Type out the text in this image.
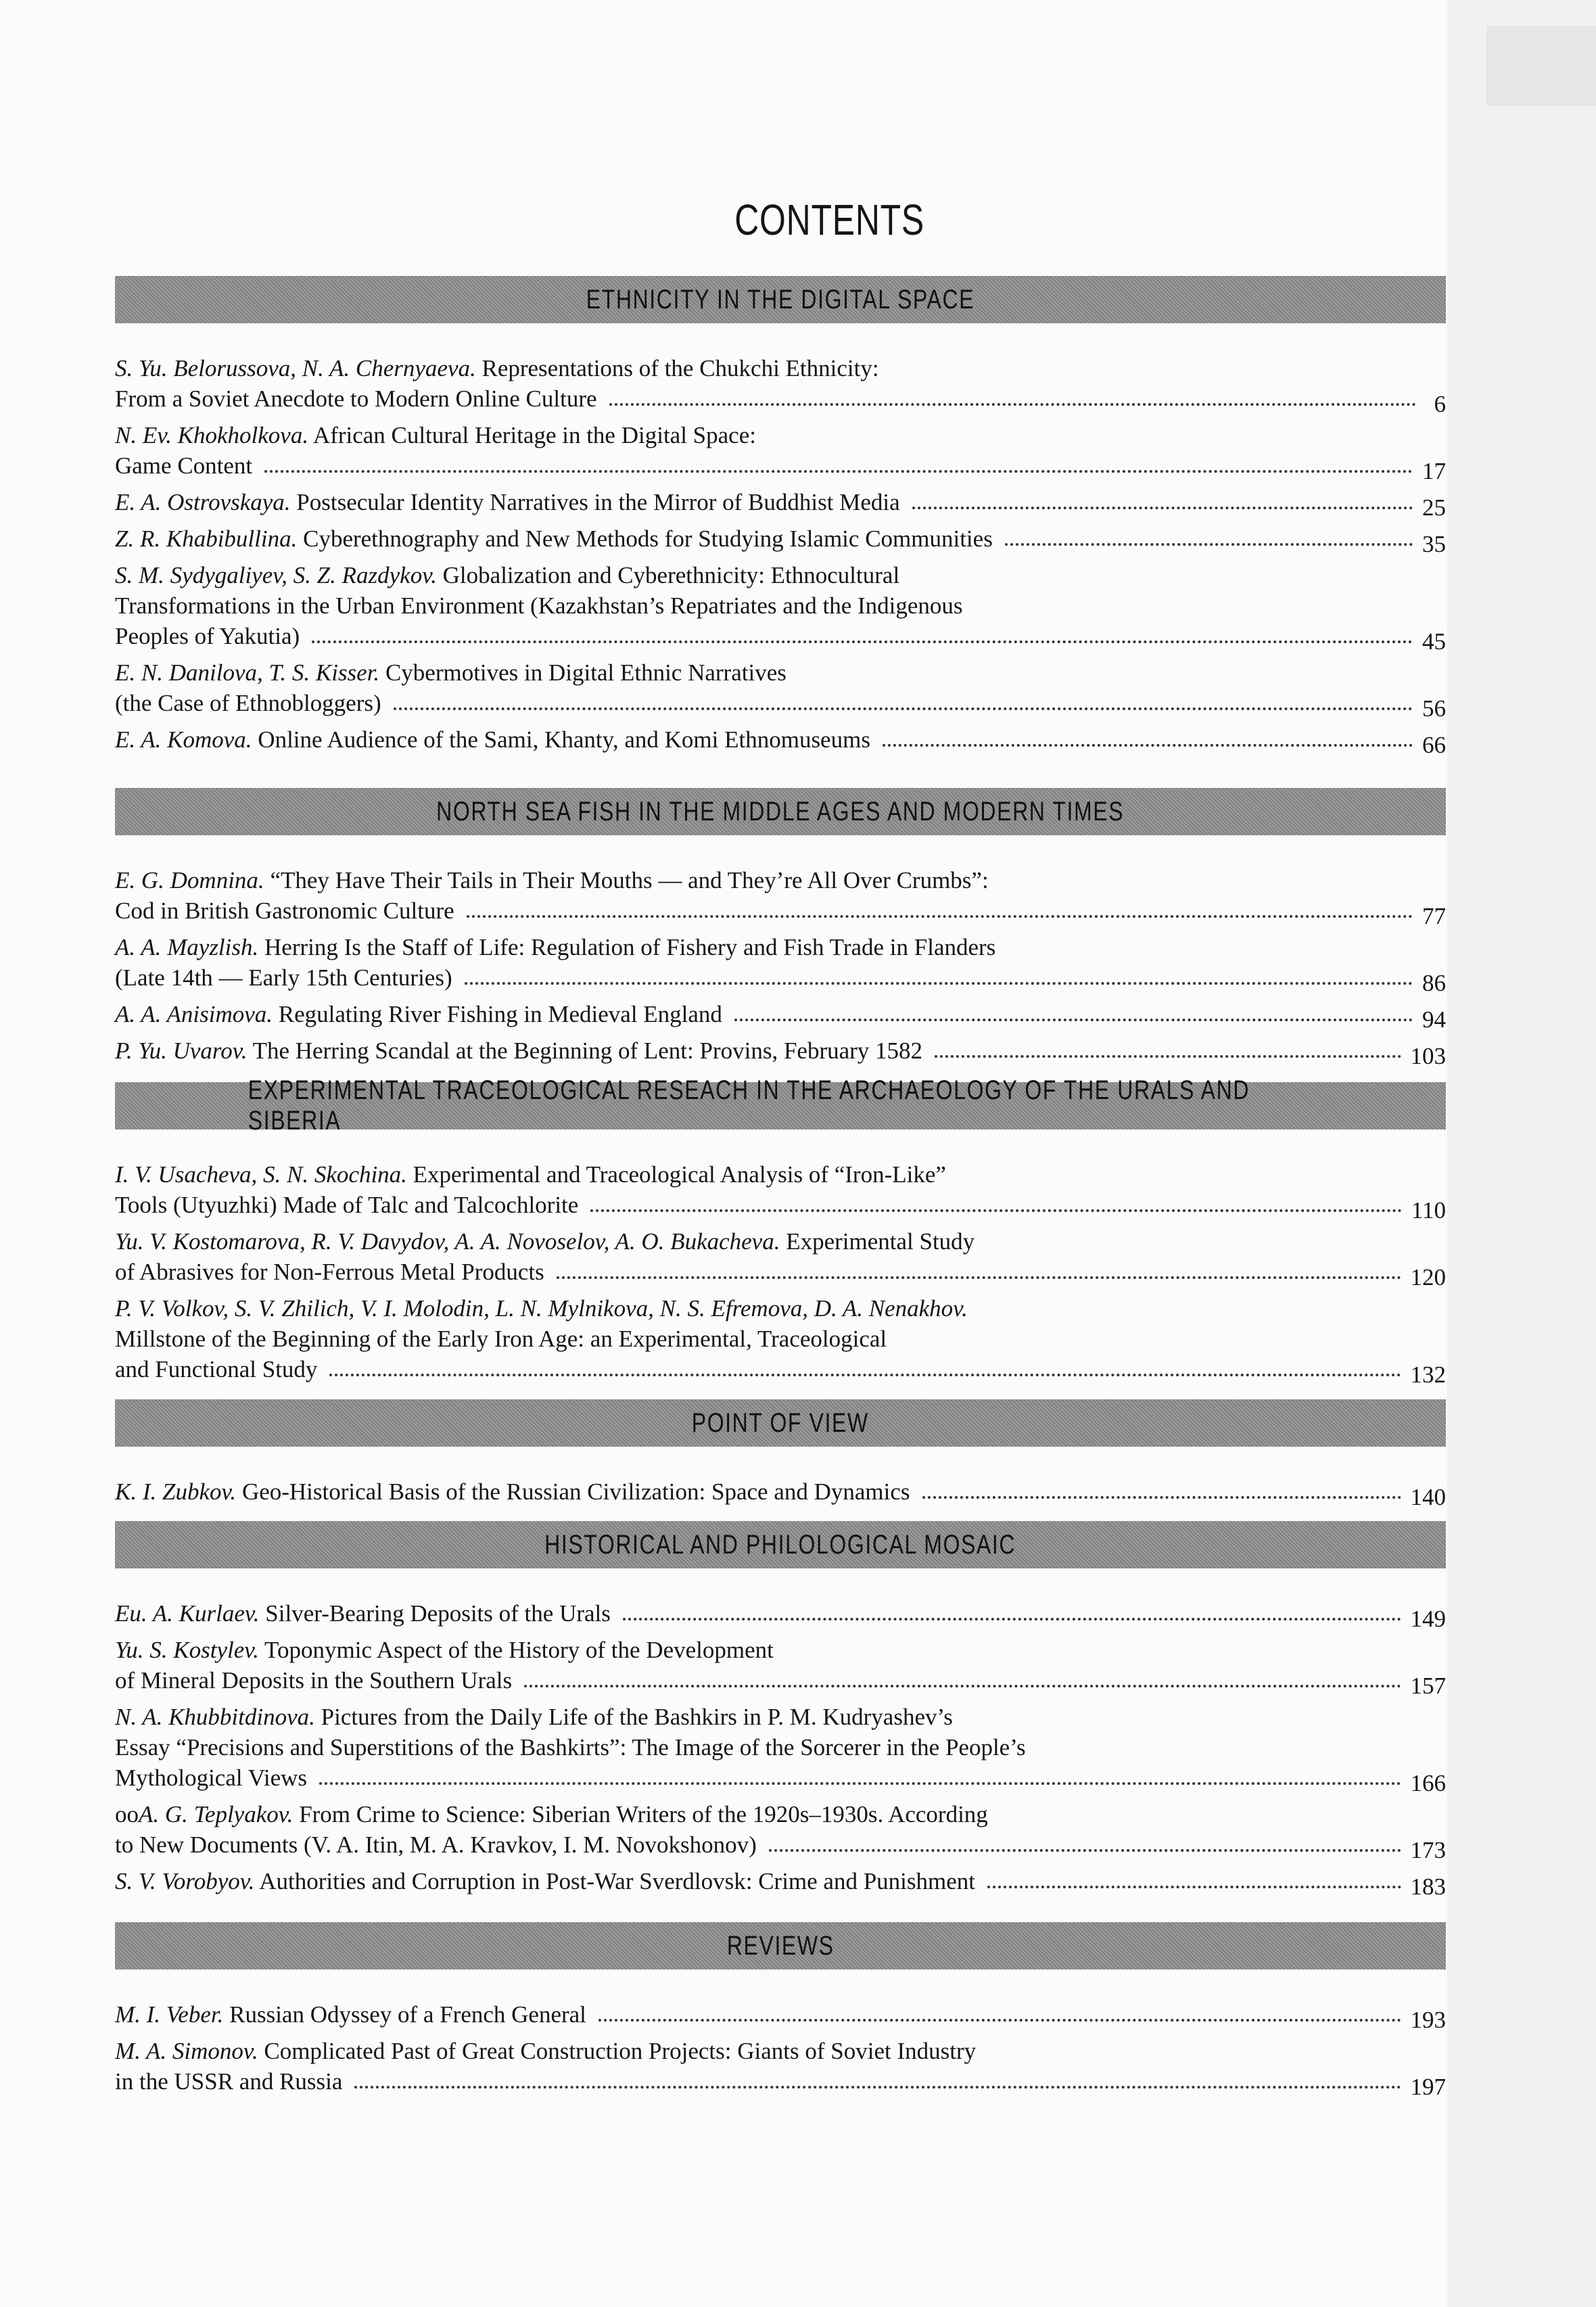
CONTENTS
ETHNICITY IN THE DIGITAL SPACE
S. Yu. Belorussova, N. A. Chernyaeva. Representations of the Chukchi Ethnicity:
From a Soviet Anecdote to Modern Online Culture	6
N. Ev. Khokholkova. African Cultural Heritage in the Digital Space:
Game Content	17
E. A. Ostrovskaya. Postsecular Identity Narratives in the Mirror of Buddhist Media	25
Z. R. Khabibullina. Cyberethnography and New Methods for Studying Islamic Communities	35
S. M. Sydygaliyev, S. Z. Razdykov. Globalization and Cyberethnicity: Ethnocultural
Transformations in the Urban Environment (Kazakhstan’s Repatriates and the Indigenous
Peoples of Yakutia)	45
E. N. Danilova, T. S. Kisser. Cybermotives in Digital Ethnic Narratives
(the Case of Ethnobloggers)	56
E. A. Komova. Online Audience of the Sami, Khanty, and Komi Ethnomuseums	66
NORTH SEA FISH IN THE MIDDLE AGES AND MODERN TIMES
E. G. Domnina. “They Have Their Tails in Their Mouths — and They’re All Over Crumbs”:
Cod in British Gastronomic Culture	77
A. A. Mayzlish. Herring Is the Staff of Life: Regulation of Fishery and Fish Trade in Flanders
(Late 14th — Early 15th Centuries)	86
A. A. Anisimova. Regulating River Fishing in Medieval England	94
P. Yu. Uvarov. The Herring Scandal at the Beginning of Lent: Provins, February 1582	103
EXPERIMENTAL TRACEOLOGICAL RESEACH IN THE ARCHAEOLOGY OF THE URALS AND SIBERIA
I. V. Usacheva, S. N. Skochina. Experimental and Traceological Analysis of “Iron-Like”
Tools (Utyuzhki) Made of Talc and Talcochlorite	110
Yu. V. Kostomarova, R. V. Davydov, A. A. Novoselov, A. O. Bukacheva. Experimental Study
of Abrasives for Non-Ferrous Metal Products	120
P. V. Volkov, S. V. Zhilich, V. I. Molodin, L. N. Mylnikova, N. S. Efremova, D. A. Nenakhov.
Millstone of the Beginning of the Early Iron Age: an Experimental, Traceological
and Functional Study	132
POINT OF VIEW
K. I. Zubkov. Geo-Historical Basis of the Russian Civilization: Space and Dynamics	140
HISTORICAL AND PHILOLOGICAL MOSAIC
Eu. A. Kurlaev. Silver-Bearing Deposits of the Urals	149
Yu. S. Kostylev. Toponymic Aspect of the History of the Development
of Mineral Deposits in the Southern Urals	157
N. A. Khubbitdinova. Pictures from the Daily Life of the Bashkirs in P. M. Kudryashev’s
Essay “Precisions and Superstitions of the Bashkirts”: The Image of the Sorcerer in the People’s
Mythological Views	166
ooA. G. Teplyakov. From Crime to Science: Siberian Writers of the 1920s–1930s. According
to New Documents (V. A. Itin, M. A. Kravkov, I. M. Novokshonov)	173
S. V. Vorobyov. Authorities and Corruption in Post-War Sverdlovsk: Crime and Punishment	183
REVIEWS
M. I. Veber. Russian Odyssey of a French General	193
M. A. Simonov. Complicated Past of Great Construction Projects: Giants of Soviet Industry
in the USSR and Russia	197
